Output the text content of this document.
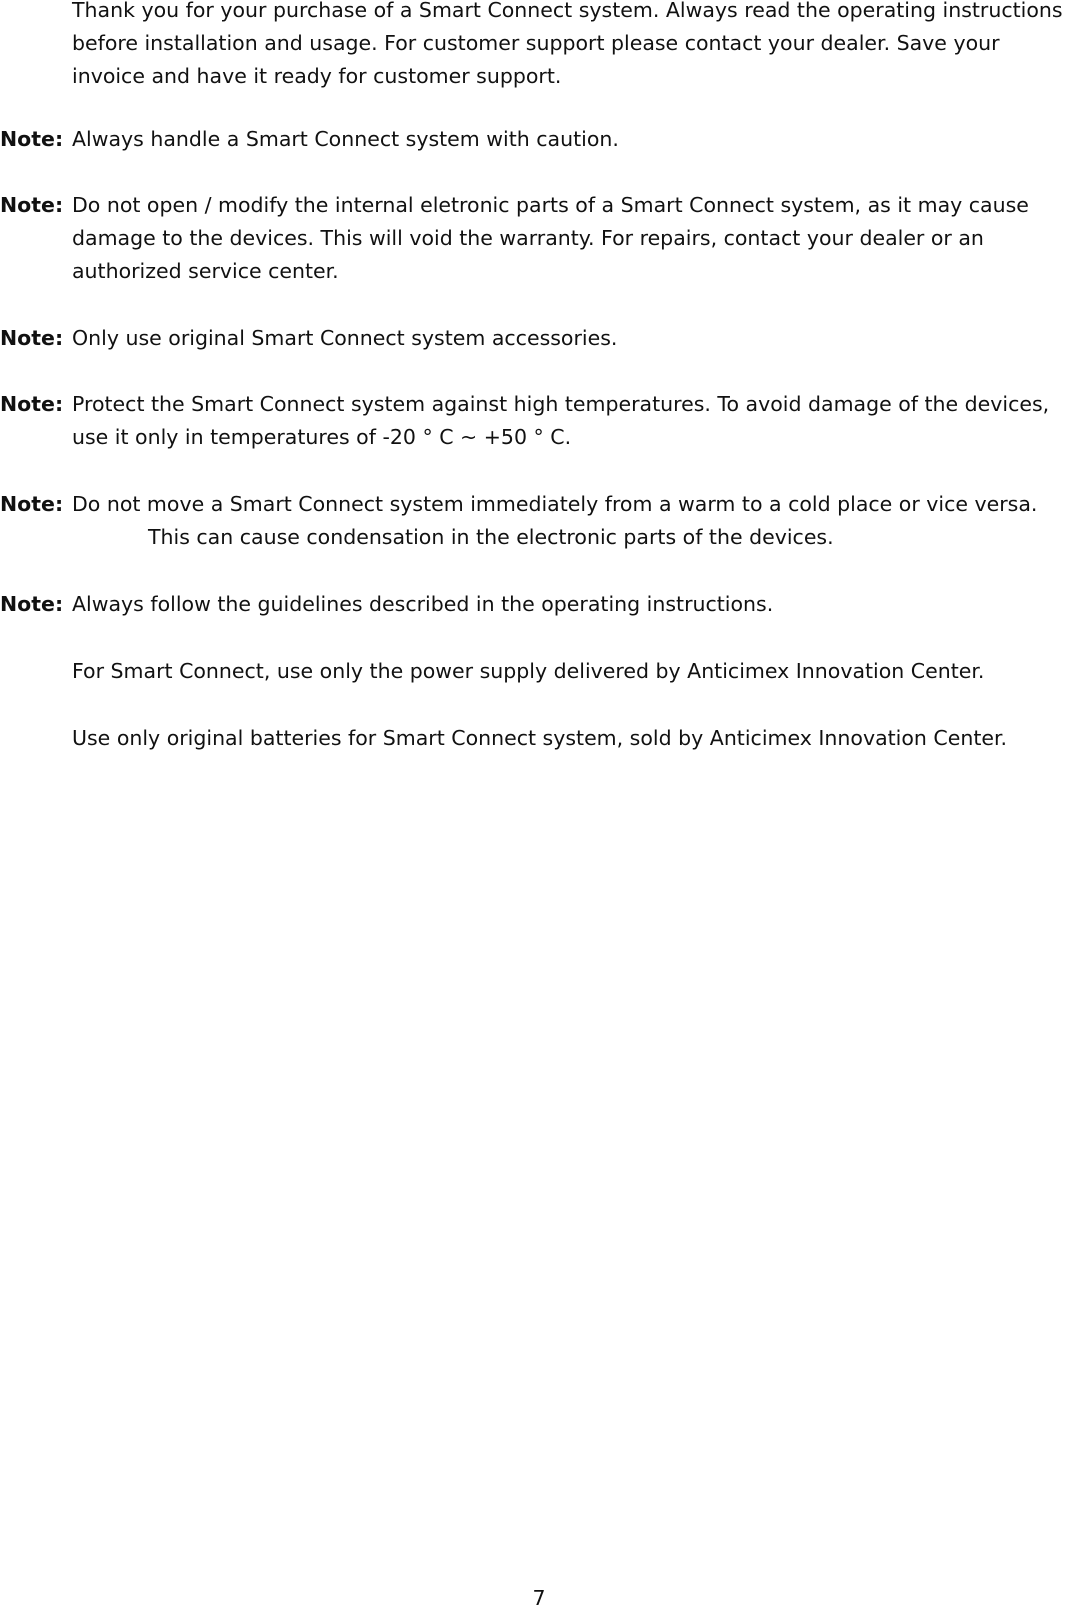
Thank you for your purchase of a Smart Connect system. Always read the operating instructions
before installation and usage. For customer support please contact your dealer. Save your
invoice and have it ready for customer support.
Note: Always handle a Smart Connect system with caution.
Note: Do not open / modify the internal eletronic parts of a Smart Connect system, as it may cause
damage to the devices. This will void the warranty. For repairs, contact your dealer or an
authorized service center.
Note: Only use original Smart Connect system accessories.
Note: Protect the Smart Connect system against high temperatures. To avoid damage of the devices,
use it only in temperatures of -20 ° C ~ +50 ° C.
Note: Do not move a Smart Connect system immediately from a warm to a cold place or vice versa.
This can cause condensation in the electronic parts of the devices.
Note: Always follow the guidelines described in the operating instructions.
For Smart Connect, use only the power supply delivered by Anticimex Innovation Center.
Use only original batteries for Smart Connect system, sold by Anticimex Innovation Center.
7
